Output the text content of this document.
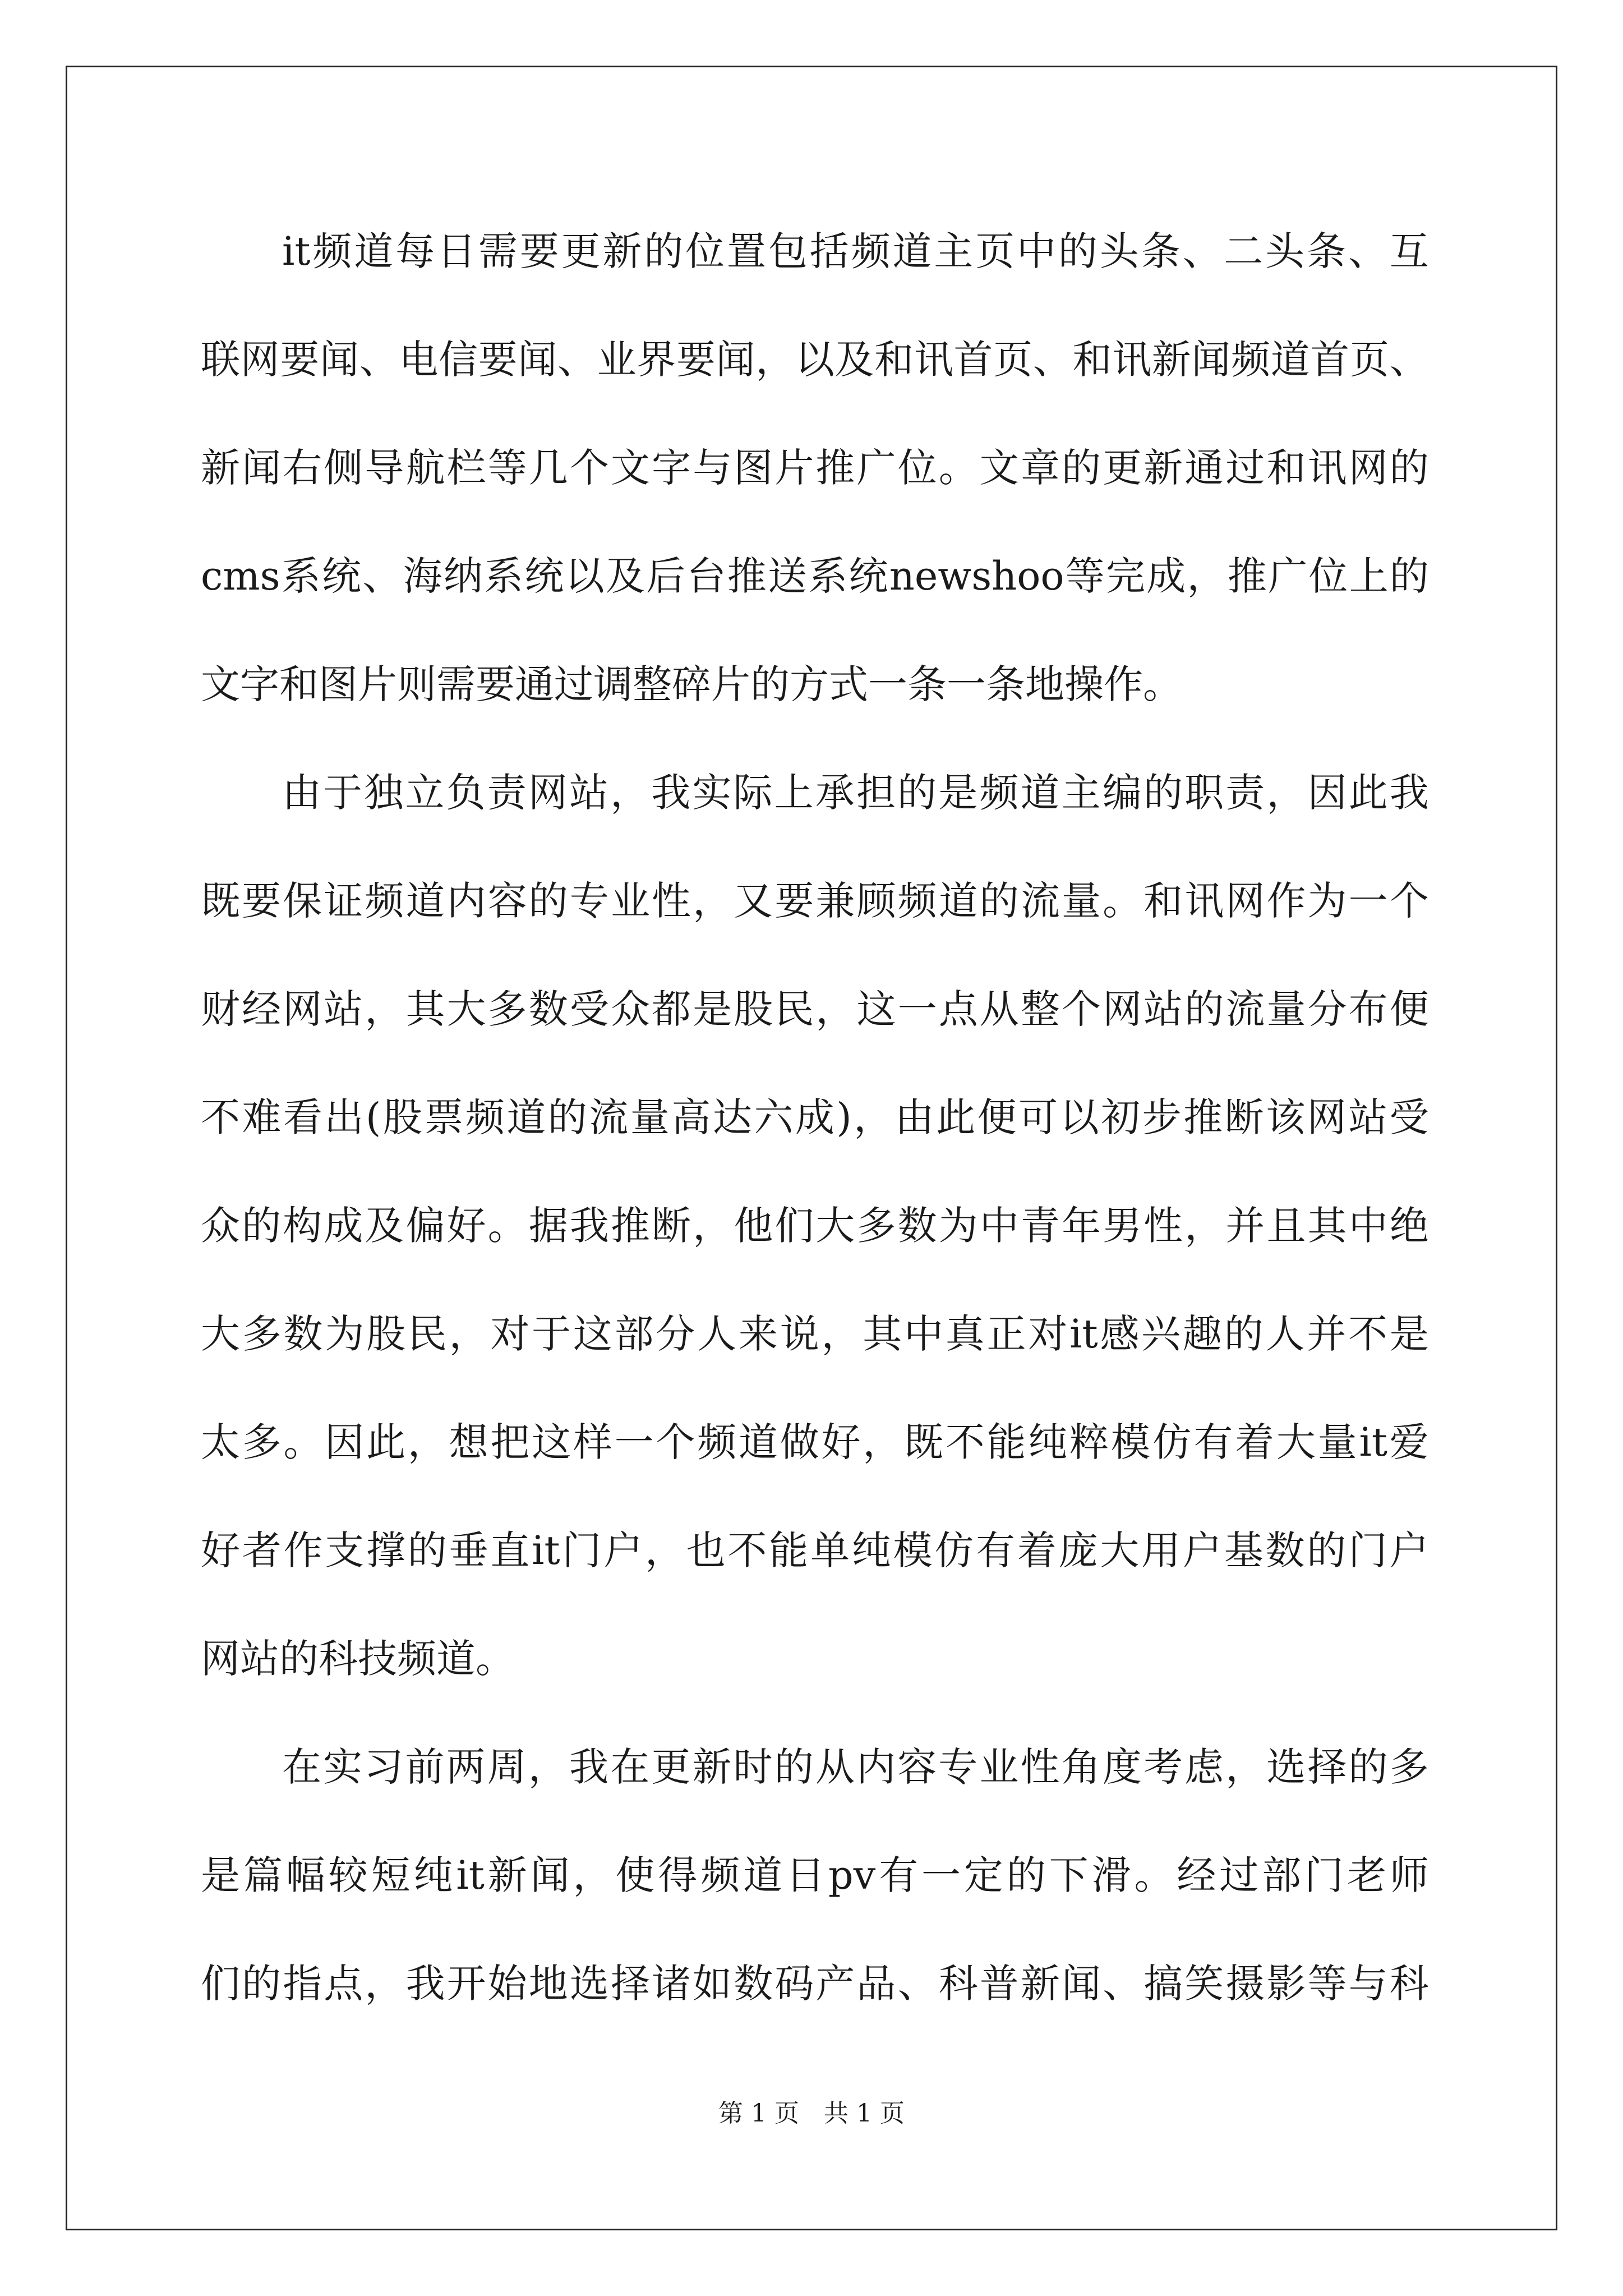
it 频 道 每 日 需 要 更 新 的 位 置 包 括 频 道 主 页 中 的 头 条 、 二 头 条 、 互
联 网 要 闻 、 电 信 要 闻 、 业 界 要 闻 ， 以 及 和 讯 首 页 、 和 讯 新 闻 频 道 首 页 、
新 闻 右 侧 导 航 栏 等 几 个 文 字 与 图 片 推 广 位 。 文 章 的 更 新 通 过 和 讯 网 的
cms 系 统 、 海 纳 系 统 以 及 后 台 推 送 系 统 newshoo 等 完 成 ， 推 广 位 上 的
文字和图片则需要通过调整碎片的方式一条一条地操作。
由 于 独 立 负 责 网 站 ， 我 实 际 上 承 担 的 是 频 道 主 编 的 职 责 ， 因 此 我
既 要 保 证 频 道 内 容 的 专 业 性 ， 又 要 兼 顾 频 道 的 流 量 。 和 讯 网 作 为 一 个
财 经 网 站 ， 其 大 多 数 受 众 都 是 股 民 ， 这 一 点 从 整 个 网 站 的 流 量 分 布 便
不 难 看 出 ( 股 票 频 道 的 流 量 高 达 六 成 ) ， 由 此 便 可 以 初 步 推 断 该 网 站 受
众 的 构 成 及 偏 好 。 据 我 推 断 ， 他 们 大 多 数 为 中 青 年 男 性 ， 并 且 其 中 绝
大 多 数 为 股 民 ， 对 于 这 部 分 人 来 说 ， 其 中 真 正 对 it 感 兴 趣 的 人 并 不 是
太 多 。 因 此 ， 想 把 这 样 一 个 频 道 做 好 ， 既 不 能 纯 粹 模 仿 有 着 大 量 it 爱
好 者 作 支 撑 的 垂 直 it 门 户 ， 也 不 能 单 纯 模 仿 有 着 庞 大 用 户 基 数 的 门 户
网站的科技频道。
在 实 习 前 两 周 ， 我 在 更 新 时 的 从 内 容 专 业 性 角 度 考 虑 ， 选 择 的 多
是 篇 幅 较 短 纯 it 新 闻 ， 使 得 频 道 日 pv 有 一 定 的 下 滑 。 经 过 部 门 老 师
们 的 指 点 ， 我 开 始 地 选 择 诸 如 数 码 产 品 、 科 普 新 闻 、 搞 笑 摄 影 等 与 科
第 1 页 共 1 页
